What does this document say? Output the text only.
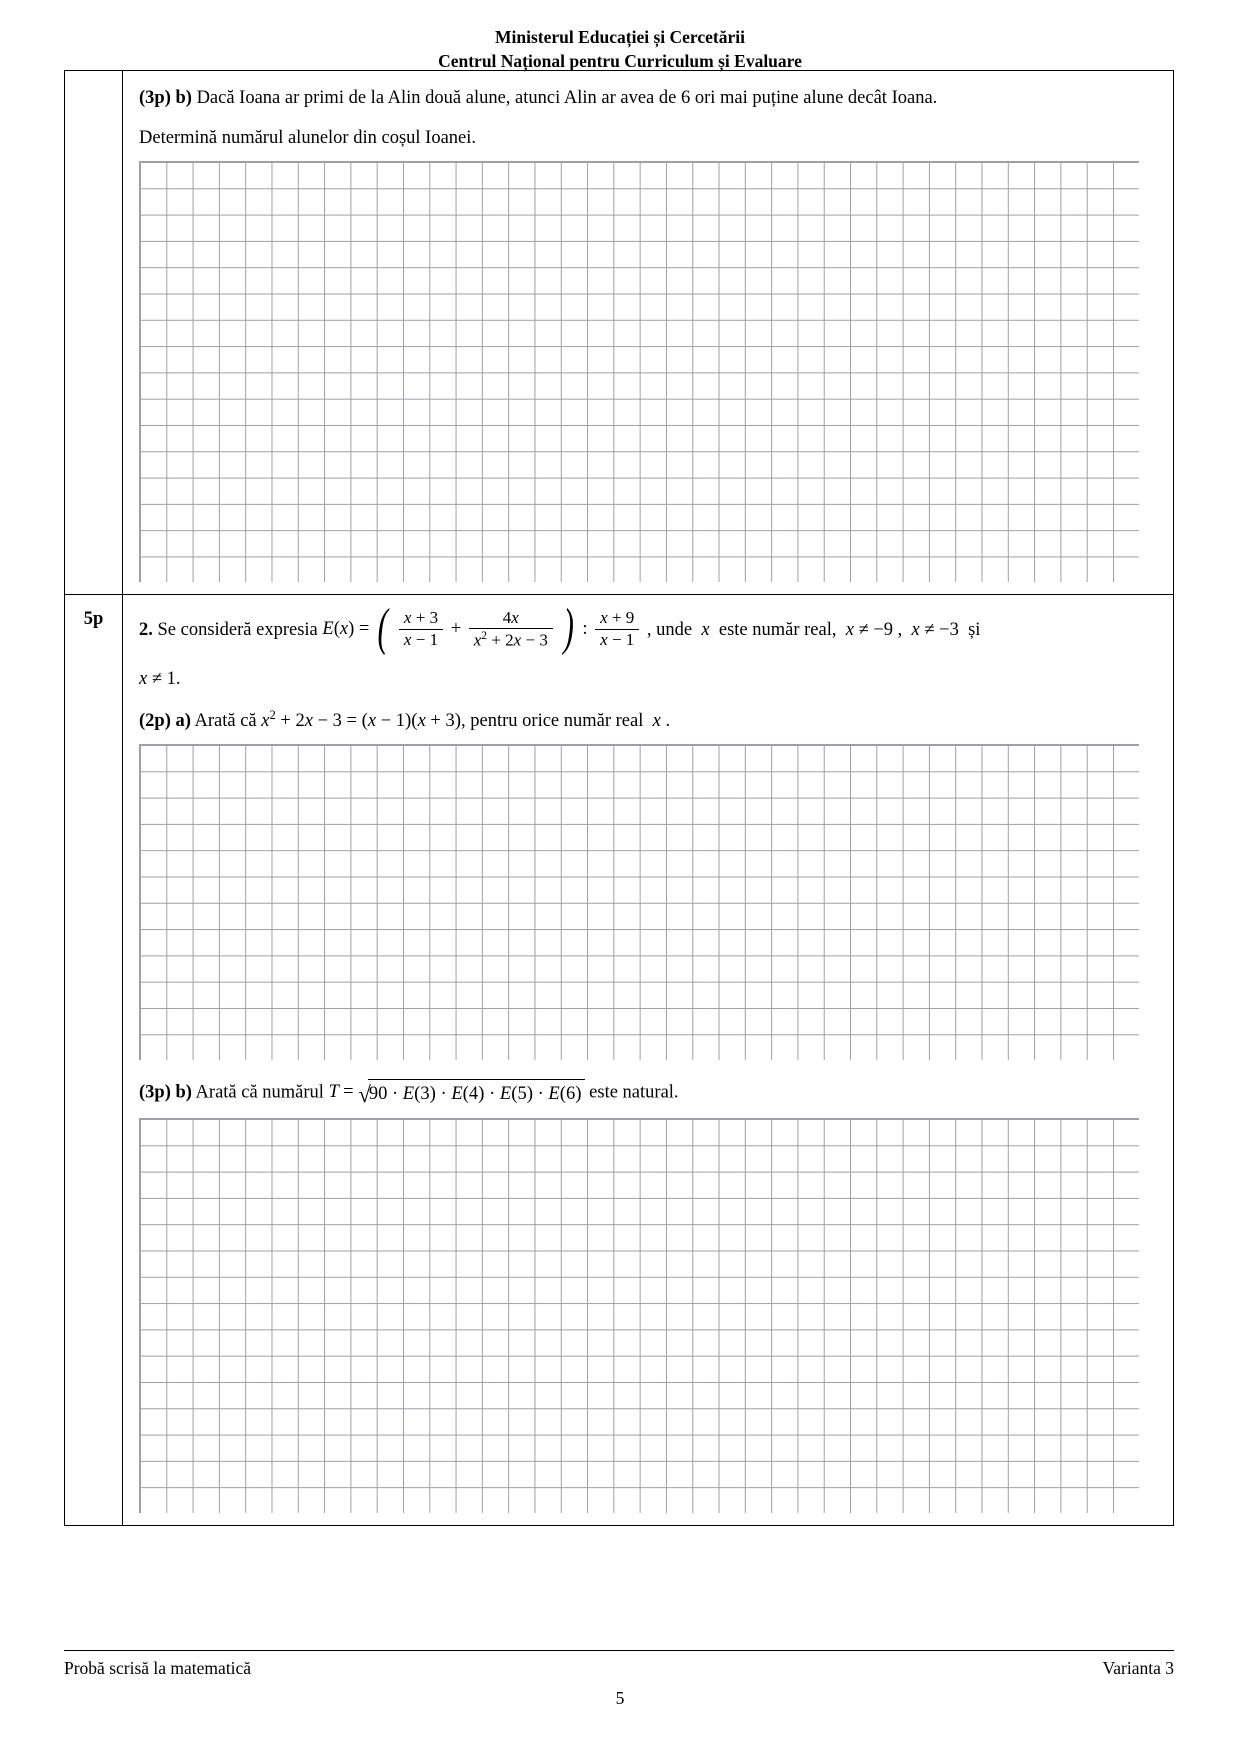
Ministerul Educației și Cercetării
Centrul Național pentru Curriculum și Evaluare
(3p) b) Dacă Ioana ar primi de la Alin două alune, atunci Alin ar avea de 6 ori mai puține alune decât Ioana.
Determină numărul alunelor din coșul Ioanei.
5p
2. Se consideră expresia E(x) = ( $\frac{x + 3}{x - 1} + \frac{4x}{x^2 + 2x - 3}$ ) : $\frac{x + 9}{x - 1}$ , unde  x  este număr real,  x ≠ −9 ,  x ≠ −3  și
x ≠ 1.
(2p) a) Arată că $x^2 + 2x - 3 = (x - 1)(x + 3)$, pentru orice număr real  x .
(3p) b) Arată că numărul T = √90 · E(3) · E(4) · E(5) · E(6) este natural.
Probă scrisă la matematică	Varianta 3
5
